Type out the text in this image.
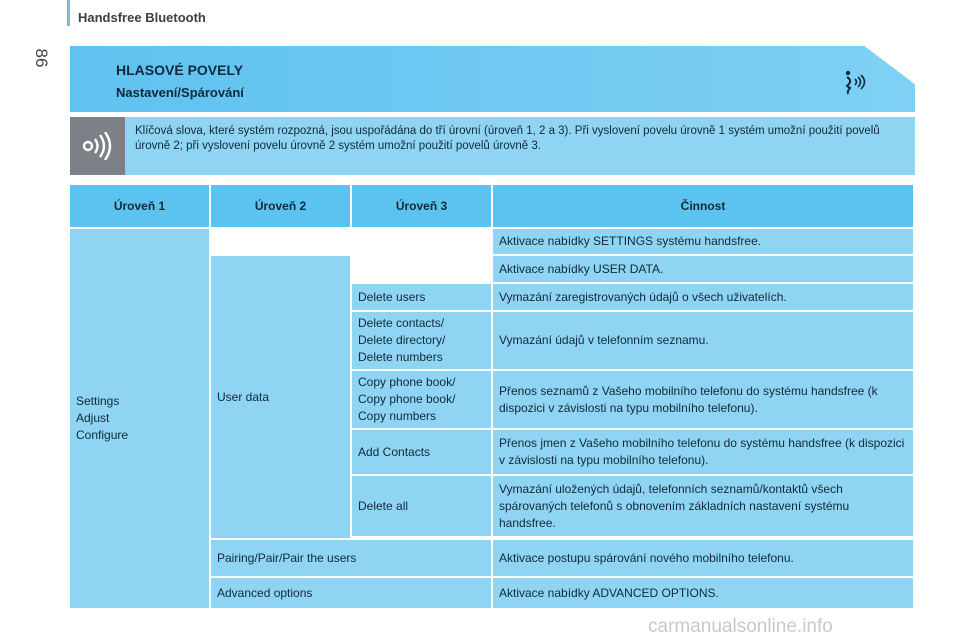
Handsfree Bluetooth
86
HLASOVÉ POVELY
Nastavení/Spárování
Klíčová slova, které systém rozpozná, jsou uspořádána do tří úrovní (úroveň 1, 2 a 3). Při vyslovení povelu úrovně 1 systém umožní použití povelů úrovně 2; při vyslovení povelu úrovně 2 systém umožní použití povelů úrovně 3.
Úroveň 1	Úroveň 2	Úroveň 3	Činnost
Settings
Adjust
Configure			Aktivace nabídky SETTINGS systému handsfree.
	User data		Aktivace nabídky USER DATA.
		Delete users	Vymazání zaregistrovaných údajů o všech uživatelích.
		Delete contacts/
Delete directory/
Delete numbers	Vymazání údajů v telefonním seznamu.
		Copy phone book/
Copy phone book/
Copy numbers	Přenos seznamů z Vašeho mobilního telefonu do systému handsfree (k dispozici v závislosti na typu mobilního telefonu).
		Add Contacts	Přenos jmen z Vašeho mobilního telefonu do systému handsfree (k dispozici v závislosti na typu mobilního telefonu).
		Delete all	Vymazání uložených údajů, telefonních seznamů/kontaktů všech spárovaných telefonů s obnovením základních nastavení systému handsfree.

	Pairing/Pair/Pair the users		Aktivace postupu spárování nového mobilního telefonu.
	Advanced options		Aktivace nabídky ADVANCED OPTIONS.
carmanualsonline.info
